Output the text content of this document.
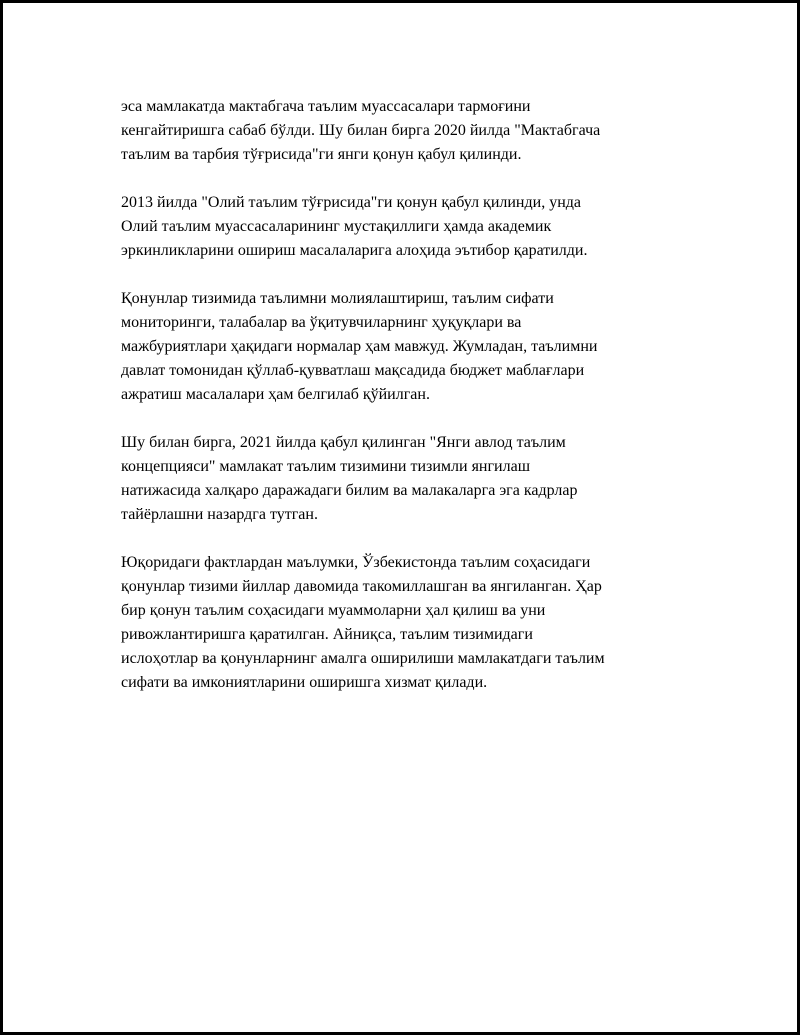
эса мамлакатда мактабгача таълим муассасалари тармоғини
кенгайтиришга сабаб бўлди. Шу билан бирга 2020 йилда "Мактабгача
таълим ва тарбия тўғрисида"ги янги қонун қабул қилинди.

2013 йилда "Олий таълим тўғрисида"ги қонун қабул қилинди, унда
Олий таълим муассасаларининг мустақиллиги ҳамда академик
эркинликларини ошириш масалаларига алоҳида эътибор қаратилди.

Қонунлар тизимида таълимни молиялаштириш, таълим сифати
мониторинги, талабалар ва ўқитувчиларнинг ҳуқуқлари ва
мажбуриятлари ҳақидаги нормалар ҳам мавжуд. Жумладан, таълимни
давлат томонидан қўллаб-қувватлаш мақсадида бюджет маблағлари
ажратиш масалалари ҳам белгилаб қўйилган.

Шу билан бирга, 2021 йилда қабул қилинган "Янги авлод таълим
концепцияси" мамлакат таълим тизимини тизимли янгилаш
натижасида халқаро даражадаги билим ва малакаларга эга кадрлар
тайёрлашни назардга тутган.

Юқоридаги фактлардан маълумки, Ўзбекистонда таълим соҳасидаги
қонунлар тизими йиллар давомида такомиллашган ва янгиланган. Ҳар
бир қонун таълим соҳасидаги муаммоларни ҳал қилиш ва уни
ривожлантиришга қаратилган. Айниқса, таълим тизимидаги
ислоҳотлар ва қонунларнинг амалга оширилиши мамлакатдаги таълим
сифати ва имкониятларини оширишга хизмат қилади.
